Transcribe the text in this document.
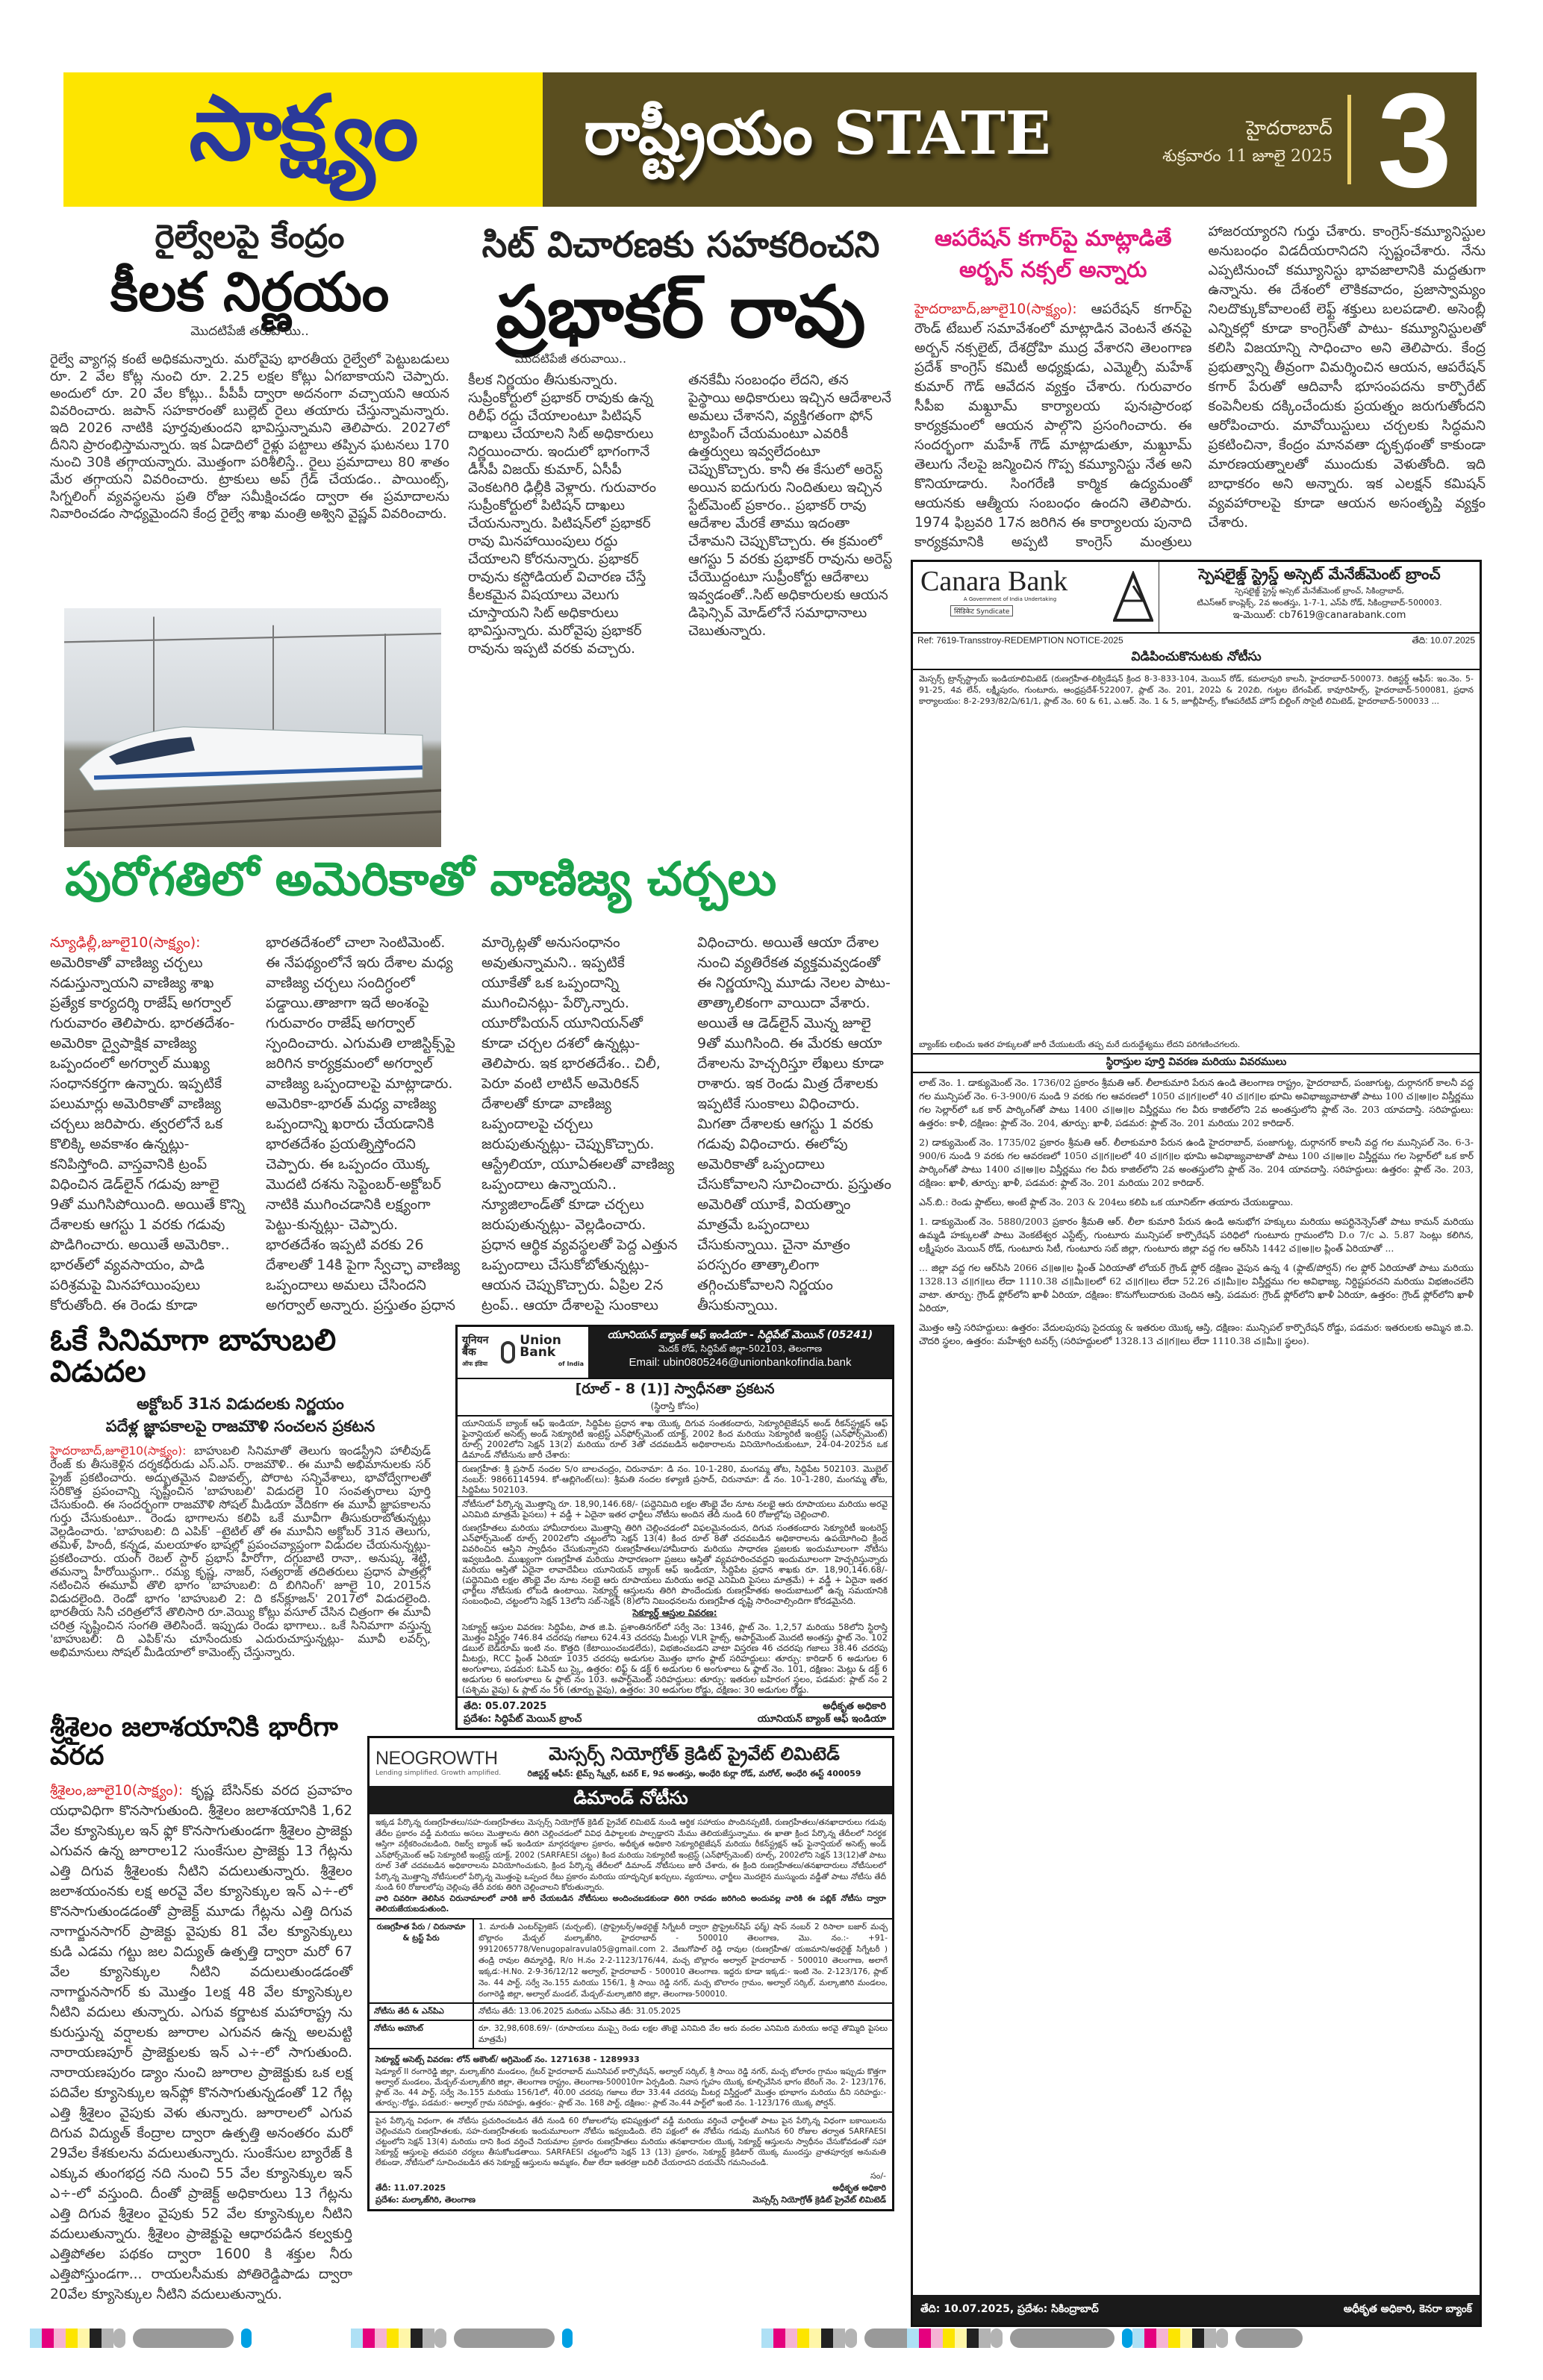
సాక్ష్యం	రాష్ట్రీయం STATE	హైదరాబాద్
శుక్రవారం 11 జూలై 2025 3
రైల్వేలపై కేంద్రం
కీలక నిర్ణయం
మొదటిపేజీ తరువాయి..
రైల్వే వ్యాగన్ల కంటే అధికమన్నారు. మరోవైపు భారతీయ రైల్వేలో పెట్టుబడులు రూ. 2 వేల కోట్ల నుంచి రూ. 2.25 లక్షల కోట్లు ఏగబాకాయని చెప్పారు. అందులో రూ. 20 వేల కోట్లు.. పీపీపీ ద్వారా అదనంగా వచ్చాయని ఆయన వివరించారు. జపాన్ సహకారంతో బుల్లెట్ రైలు తయారు చేస్తున్నామన్నారు. ఇది 2026 నాటికి పూర్తవుతుందని భావిస్తున్నామని తెలిపారు. 2027లో దీనిని ప్రారంభిస్తామన్నారు. ఇక ఏడాదిలో రైళ్లు పట్టాలు తప్పిన ఘటనలు 170 నుంచి 30కి తగ్గాయన్నారు. మొత్తంగా పరిశీలిస్తే.. రైలు ప్రమాదాలు 80 శాతం మేర తగ్గాయని వివరించారు. ట్రాకులు అప్ గ్రేడ్ చేయడం.. పాయింట్స్, సిగ్నలింగ్ వ్యవస్థలను ప్రతి రోజు సమీక్షించడం ద్వారా ఈ ప్రమాదాలను నివారించడం సాధ్యమైందని కేంద్ర రైల్వే శాఖ మంత్రి అశ్విని వైష్ణవ్ వివరించారు.
సిట్ విచారణకు సహకరించని
ప్రభాకర్ రావు
మొదటిపేజీ తరువాయి..
కీలక నిర్ణయం తీసుకున్నారు. సుప్రీంకోర్టులో ప్రభాకర్ రావుకు ఉన్న రిలీఫ్ రద్దు చేయాలంటూ పిటిషన్ దాఖలు చేయాలని సిట్ అధికారులు నిర్ణయించారు. ఇందులో భాగంగానే డీసీపీ విజయ్ కుమార్, ఏసీపీ వెంకటగిరి ఢిల్లీకి వెళ్లారు. గురువారం సుప్రీంకోర్టులో పిటిషన్ దాఖలు చేయనున్నారు. పిటిషన్‌లో ప్రభాకర్ రావు మినహాయింపులు రద్దు చేయాలని కోరనున్నారు. ప్రభాకర్ రావును కస్టోడియల్ విచారణ చేస్తే కీలకమైన విషయాలు వెలుగు చూస్తాయని సిట్ అధికారులు భావిస్తున్నారు. మరోవైపు ప్రభాకర్ రావును ఇప్పటి వరకు వచ్చారు. తనకేమీ సంబంధం లేదని, తన పైస్థాయి అధికారులు ఇచ్చిన ఆదేశాలనే అమలు చేశానని, వ్యక్తిగతంగా ఫోన్ ట్యాపింగ్ చేయమంటూ ఎవరికీ ఉత్తర్వులు ఇవ్వలేదంటూ చెప్పుకొచ్చారు. కానీ ఈ కేసులో అరెస్ట్ అయిన ఐదుగురు నిందితులు ఇచ్చిన స్టేట్‌మెంట్ ప్రకారం.. ప్రభాకర్ రావు ఆదేశాల మేరకే తాము ఇదంతా చేశామని చెప్పుకొచ్చారు. ఈ క్రమంలో ఆగస్టు 5 వరకు ప్రభాకర్ రావును అరెస్ట్ చేయొద్దంటూ సుప్రీంకోర్టు ఆదేశాలు ఇవ్వడంతో..సిట్ అధికారులకు ఆయన డిఫెన్సివ్ మోడ్‌లోనే సమాధానాలు చెబుతున్నారు.
పురోగతిలో అమెరికాతో వాణిజ్య చర్చలు
న్యూఢిల్లీ,జూలై10(సాక్ష్యం): అమెరికాతో వాణిజ్య చర్చలు నడుస్తున్నాయని వాణిజ్య శాఖ ప్రత్యేక కార్యదర్శి రాజేష్ అగర్వాల్ గురువారం తెలిపారు. భారతదేశం-అమెరికా ద్వైపాక్షిక వాణిజ్య ఒప్పందంలో అగర్వాల్ ముఖ్య సంధానకర్తగా ఉన్నారు. ఇప్పటికే పలుమార్లు అమెరికాతో వాణిజ్య చర్చలు జరిపారు. త్వరలోనే ఒక కొలిక్కి అవకాశం ఉన్నట్లు- కనిపిస్తోంది. వాస్తవానికి ట్రంప్ విధించిన డెడ్‌లైన్ గడువు జూలై 9తో ముగిసిపోయింది. అయితే కొన్ని దేశాలకు ఆగస్టు 1 వరకు గడువు పొడిగించారు. అయితే అమెరికా.. భారత్‌లో వ్యవసాయం, పాడి పరిశ్రమపై మినహాయింపులు కోరుతోంది. ఈ రెండు కూడా భారతదేశంలో చాలా సెంటిమెంట్. ఈ నేపథ్యంలోనే ఇరు దేశాల మధ్య వాణిజ్య చర్చలు సందిగ్ధంలో పడ్డాయి.తాజాగా ఇదే అంశంపై గురువారం రాజేష్ అగర్వాల్ స్పందించారు. ఎగుమతి లాజిస్టిక్స్‌పై జరిగిన కార్యక్రమంలో అగర్వాల్ వాణిజ్య ఒప్పందాలపై మాట్లాడారు. అమెరికా-భారత్ మధ్య వాణిజ్య ఒప్పందాన్ని ఖరారు చేయడానికి భారతదేశం ప్రయత్నిస్తోందని చెప్పారు. ఈ ఒప్పందం యొక్క మొదటి దశను సెప్టెంబర్-అక్టోబర్ నాటికి ముగించడానికి లక్ష్యంగా పెట్టు-కున్నట్లు- చెప్పారు. భారతదేశం ఇప్పటి వరకు 26 దేశాలతో 14కి పైగా స్వేచ్ఛా వాణిజ్య ఒప్పందాలు అమలు చేసిందని అగర్వాల్ అన్నారు. ప్రస్తుతం ప్రధాన మార్కెట్లతో అనుసంధానం అవుతున్నామని.. ఇప్పటికే యూకేతో ఒక ఒప్పందాన్ని ముగించినట్లు- పేర్కొన్నారు. యూరోపియన్ యూనియన్‌తో కూడా చర్చల దశలో ఉన్నట్లు- తెలిపారు. ఇక భారతదేశం.. చిలీ, పెరూ వంటి లాటిన్ అమెరికన్ దేశాలతో కూడా వాణిజ్య ఒప్పందాలపై చర్చలు జరుపుతున్నట్లు- చెప్పుకొచ్చారు. ఆస్ట్రేలియా, యూఏఈలతో వాణిజ్య ఒప్పందాలు ఉన్నాయని.. న్యూజిలాండ్‌తో కూడా చర్చలు జరుపుతున్నట్లు- వెల్లడించారు. ప్రధాన ఆర్థిక వ్యవస్థలతో పెద్ద ఎత్తున ఒప్పందాలు చేసుకోబోతున్నట్లు- ఆయన చెప్పుకొచ్చారు. ఏప్రిల 2న ట్రంప్.. ఆయా దేశాలపై సుంకాలు విధించారు. అయితే ఆయా దేశాల నుంచి వ్యతిరేకత వ్యక్తమవ్వడంతో ఈ నిర్ణయాన్ని మూడు నెలల పాటు- తాత్కాలికంగా వాయిదా వేశారు. అయితే ఆ డెడ్‌లైన్ మొన్న జూలై 9తో ముగిసింది. ఈ మేరకు ఆయా దేశాలను హెచ్చరిస్తూ లేఖలు కూడా రాశారు. ఇక రెండు మిత్ర దేశాలకు ఇప్పటికే సుంకాలు విధించారు. మిగతా దేశాలకు ఆగస్టు 1 వరకు గడువు విధించారు. ఈలోపు అమెరికాతో ఒప్పందాలు చేసుకోవాలని సూచించారు. ప్రస్తుతం అమెరితో యూకే, వియత్నాం మాత్రమే ఒప్పందాలు చేసుకున్నాయి. చైనా మాత్రం పరస్పరం తాత్కాలింగా తగ్గించుకోవాలని నిర్ణయం తీసుకున్నాయి.
ఓకే సినిమాగా బాహుబలి విడుదల
అక్టోబర్ 31న విడుదలకు నిర్ణయం
పదేళ్ల జ్ఞాపకాలపై రాజమౌళి సంచలన ప్రకటన
హైదరాబాద్,జూలై10(సాక్ష్యం): బాహుబలి సినిమాతో తెలుగు ఇండస్ట్రీని హాలీవుడ్ రేంజ్ కు తీసుకెళ్లిన దర్శకధీరుడు ఎస్.ఎస్. రాజమౌళి.. ఈ మూవీ అభిమానులకు సర్ ప్రైజ్ ప్రకటించారు. అద్భుతమైన విజువల్స్, పోరాట సన్నివేశాలు, భావోద్వేగాలతో సరికొత్త ప్రపంచాన్ని సృష్టించిన 'బాహుబలి' విడుదలై 10 సంవత్సరాలు పూర్తి చేసుకుంది. ఈ సందర్భంగా రాజమౌళి సోషల్ మీడియా వేదికగా ఈ మూవీ జ్ఞాపకాలను గుర్తు చేసుకుంటూ.. రెండు భాగాలను కలిపి ఒకే మూవీగా తీసుకురాబోతున్నట్లు వెల్లడించారు. 'బాహుబలి: ది ఎపిక్' –టైటిల్ తో ఈ మూవీని అక్టోబర్ 31న తెలుగు, తమిళ్, హిందీ, కన్నడ, మలయాళం భాషల్లో ప్రపంచవ్యాప్తంగా విడుదల చేయనున్నట్లు- ప్రకటించారు. యంగ్ రెబల్ స్టార్ ప్రభాస్ హీరోగా, దగ్గుబాటి రానా,. అనుష్క శెట్టి, తమన్నా హీరోయిన్లుగా.. రమ్య కృష్ణ, నాజర్, సత్యరాజ్ తదితరులు ప్రధాన పాత్రల్లో నటించిన ఈమూవీ తొలి భాగం 'బాహుబలి: ది బిగినింగ్' జూలై 10, 2015న విడుదలైంది. రెండో భాగం 'బాహుబలి 2: ది కన్‌క్లూజన్' 2017లో విడుదలైంది. భారతీయ సినీ చరిత్రలోనే తొలిసారి రూ.వెయ్యి కోట్లు వసూల్ చేసిన చిత్రంగా ఈ మూవీ చరిత్ర సృష్టించిన సంగతి తెలిసిందే. ఇప్పుడు రెండు భాగాలు.. ఒకే సినిమాగా వస్తున్న 'బాహుబలి: ది ఎపిక్'ను చూసేందుకు ఎదురుచూస్తున్నట్లు- మూవీ లవర్స్, అభిమానులు సోషల్ మీడియాలో కామెంట్స్ చేస్తున్నారు.
శ్రీశైలం జలాశయానికి భారీగా వరద
శ్రీశైలం,జూలై10(సాక్ష్యం): కృష్ణ బేసిన్‌కు వరద ప్రవాహం యధావిధిగా కొనసాగుతుంది. శ్రీశైలం జలాశయానికి 1,62 వేల క్యూసెక్కుల ఇన్ ఫ్లో కొనసాగుతుండగా శ్రీశైలం ప్రాజెక్టు ఎగువన ఉన్న జూరాల12 సుంకేసుల ప్రాజెక్టు 13 గేట్లను ఎత్తి దిగువ శ్రీశైలంకు నీటిని వదులుతున్నారు. శ్రీశైలం జలాశయంనకు లక్ష అరవై వేల క్యూసెక్కుల ఇన్ ఎ÷-లో కొనసాగుతుండడంతో ప్రాజెక్ట్ మూడు గేట్లను ఎత్తి దిగువ నాగార్జునసాగర్ ప్రాజెక్టు వైపుకు 81 వేల క్యూసెక్కులు కుడి ఎడమ గట్టు జల విద్యుత్ ఉత్పత్తి ద్వారా మరో 67 వేల క్యూసెక్కుల నీటిని వదులుతుండడంతో నాగార్జునసాగర్ కు మొత్తం 1లక్ష 48 వేల క్యూసెక్కుల నీటిని వదులు తున్నారు. ఎగువ కర్ణాటక మహారాష్ట్ర ను కురుస్తున్న వర్షాలకు జూరాల ఎగువన ఉన్న అలమట్టి నారాయణపూర్ ప్రాజెక్టులకు ఇన్ ఎ÷-లో సాగుతుంది. నారాయణపురం డ్యాం నుంచి జూరాల ప్రాజెక్టుకు ఒక లక్ష పదివేల క్యూసెక్కుల ఇన్‌ఫ్లో కొనసాగుతున్నడంతో 12 గేట్ల ఎత్తి శ్రీశైలం వైపుకు వెళు తున్నారు. జూరాలలో ఎగువ దిగువ విద్యుత్ కేంద్రాల ద్వారా ఉత్పత్తి అనంతరం మరో 29వేల కేశకులను వదులుతున్నారు. సుంకేసుల బ్యారేజ్ కి ఎక్కువ తుంగభద్ర నది నుంచి 55 వేల క్యూసెక్కుల ఇన్ ఎ÷-లో వస్తుంది. దీంతో ప్రాజెక్ట్ అధికారులు 13 గేట్లను ఎత్తి దిగువ శ్రీశైలం వైపుకు 52 వేల క్యూసెక్కుల నీటిని వదులుతున్నారు. శ్రీశైలం ప్రాజెక్టుపై ఆధారపడిన కల్వకుర్తి ఎత్తిపోతల పథకం ద్వారా 1600 కి శక్తుల నీరు ఎత్తిపోస్తుండగా... రాయలసీమకు పోతిరెడ్డిపాడు ద్వారా 20వేల క్యూసెక్కుల నీటిని వదులుతున్నారు.
ఆపరేషన్ కగార్‌పై మాట్లాడితే
అర్బన్ నక్సల్ అన్నారు
హైదరాబాద్,జూలై10(సాక్ష్యం): ఆపరేషన్ కగార్‌పై రౌండ్ టేబుల్ సమావేశంలో మాట్లాడిన వెంటనే తనపై అర్బన్ నక్సలైట్, దేశద్రోహి ముద్ర వేశారని తెలంగాణ ప్రదేశ్ కాంగ్రెస్ కమిటీ అధ్యక్షుడు, ఎమ్మెల్సీ మహేశ్ కుమార్ గౌడ్ ఆవేదన వ్యక్తం చేశారు. గురువారం సీపీఐ మఖ్దూమ్ కార్యాలయ పునఃప్రారంభ కార్యక్రమంలో ఆయన పాల్గొని ప్రసంగించారు. ఈ సందర్భంగా మహేశ్ గౌడ్ మాట్లాడుతూ, మఖ్దూమ్ తెలుగు నేలపై జన్మించిన గొప్ప కమ్యూనిస్టు నేత అని కొనియాడారు. సింగరేణి కార్మిక ఉద్యమంతో ఆయనకు ఆత్మీయ సంబంధం ఉందని తెలిపారు. 1974 ఫిబ్రవరి 17న జరిగిన ఈ కార్యాలయ పునాది కార్యక్రమానికి అప్పటి కాంగ్రెస్ మంత్రులు హాజరయ్యారని గుర్తు చేశారు. కాంగ్రెస్-కమ్యూనిస్టుల అనుబంధం విడదీయరానిదని స్పష్టంచేశారు. నేను ఎప్పటినుంచో కమ్యూనిస్టు భావజాలానికి మద్దతుగా ఉన్నాను. ఈ దేశంలో లౌకికవాదం, ప్రజాస్వామ్యం నిలదొక్కుకోవాలంటే లెఫ్ట్ శక్తులు బలపడాలి. అసెంబ్లీ ఎన్నికల్లో కూడా కాంగ్రెస్‌తో పాటు- కమ్యూనిస్టులతో కలిసి విజయాన్ని సాధించాం అని తెలిపారు. కేంద్ర ప్రభుత్వాన్ని తీవ్రంగా విమర్శించిన ఆయన, ఆపరేషన్ కగార్ పేరుతో ఆదివాసీ భూసంపదను కార్పొరేట్ కంపెనీలకు దక్కించేందుకు ప్రయత్నం జరుగుతోందని ఆరోపించారు. మావోయిస్టులు చర్చలకు సిద్ధమని ప్రకటించినా, కేంద్రం మానవతా దృక్పథంతో కాకుండా మారణయత్నాలతో ముందుకు వెళుతోంది. ఇది బాధాకరం అని అన్నారు. ఇక ఎలక్షన్ కమిషన్ వ్యవహారాలపై కూడా ఆయన అసంతృప్తి వ్యక్తం చేశారు.
यूनियन बैंक
ऑफ इंडिया
Union Bank
of India
యూనియన్ బ్యాంక్ ఆఫ్ ఇండియా - సిద్ధిపేట్ మెయిన్ (05241)
మెదక్ రోడ్, సిద్ధిపేట్ జిల్లా-502103, తెలంగాణ
Email: ubin0805246@unionbankofindia.bank
[రూల్ - 8 (1)] స్వాధీనతా ప్రకటన
(స్థిరాస్తి కోసం)
యూనియన్ బ్యాంక్ ఆఫ్ ఇండియా, సిద్ధిపేట ప్రధాన శాఖ యొక్క దిగువ సంతకందారు, సెక్యూరిటైజేషన్ అండ్ రీకన్‌స్ట్రక్షన్ ఆఫ్ ఫైనాన్షియల్ అసెట్స్ అండ్ సెక్యూరిటీ ఇంట్రెస్ట్ ఎన్‌ఫోర్స్‌మెంట్ యాక్ట్, 2002 కింద మరియు సెక్యూరిటీ ఇంట్రెస్ట్ (ఎన్‌ఫోర్స్‌మెంట్) రూల్స్ 2002లోని సెక్షన్ 13(2) మరియు రూల్ 3తో చదవబడిన అధికారాలను వినియోగించుకుంటూ, 24-04-2025న ఒక డిమాండ్ నోటీసును జారీ చేశారు:
రుణగ్రహీత: శ్రీ ప్రసాద్ నందల S/o బాలచంద్రం, చిరునామా: డి నం. 10-1-280, మంగమ్మ తోట, సిద్దిపేట 502103. మొబైల్ నంబర్: 9866114594. కో-ఆబ్లిగెంట్(లు): శ్రీమతి నందల కళ్యాణి ప్రసాద్, చిరునామా: డి నం. 10-1-280, మంగమ్మ తోట, సిద్దిపేటు 502103.
నోటీసులో పేర్కొన్న మొత్తాన్ని రూ. 18,90,146.68/- (పద్దెనిమిది లక్షల తొంభై వేల నూట నలభై ఆరు రూపాయలు మరియు అరవై ఎనిమిది మాత్రమే పైసలు) + వడ్డీ + ఏదైనా ఇతర ఛార్జీలు నోటీసు అందిన తేదీ నుండి 60 రోజుల్లోపు చెల్లించాలి.
రుణగ్రహీతలు మరియు హామీదారులు మొత్తాన్ని తిరిగి చెల్లించడంలో విఫలమైనందున, దిగువ సంతకందారు సెక్యూరిటీ ఇంటరెస్ట్ ఎన్‌ఫోర్స్‌మెంట్ రూల్స్ 2002లోని చట్టంలోని సెక్షన్ 13(4) కింద రూల్ 8తో చదవబడిన అధికారాలను ఉపయోగించి క్రింద వివరించిన ఆస్తిని స్వాధీనం చేసుకున్నారని రుణగ్రహీతలు/హామీదారు మరియు సాధారణ ప్రజలకు ఇందుమూలంగా నోటీసు ఇవ్వబడింది. ముఖ్యంగా రుణగ్రహీత మరియు సాధారణంగా ప్రజలు ఆస్తితో వ్యవహరించవద్దని ఇందుమూలంగా హెచ్చరిస్తున్నారు మరియు ఆస్తితో ఏదైనా లావాదేవీలు యూనియన్ బ్యాంక్ ఆఫ్ ఇండియా, సిద్దిపేట ప్రధాన శాఖకు రూ. 18,90,146.68/- (పద్దెనిమిది లక్షల తొంభై వేల నూట నలభై ఆరు రూపాయలు మరియు అరవై ఎనిమిది పైసలు మాత్రమే) + వడ్డీ + ఏదైనా ఇతర ఛార్జీలు నోటీసుకు లోబడి ఉంటాయి. సెక్యూర్డ్ ఆస్తులను తిరిగి పొందేందుకు రుణగ్రహీతకు అందుబాటులో ఉన్న సమయానికి సంబంధించి, చట్టంలోని సెక్షన్ 13లోని సబ్-సెక్షన్ (8)లోని నిబంధనలను రుణగ్రహీత దృష్టి సారించాల్సిందిగా కోరడమైనది.
సెక్యూర్డ్ ఆస్తుల వివరణ:
సెక్యూర్డ్ ఆస్తుల వివరణ: సిద్దిపేట, పాత జి.పి. ప్రశాంతినగర్‌లో సర్వే నెం: 1346, ప్లాట్ నెం. 1,2,57 మరియు 58లోని స్థిరాస్తి మొత్తం విస్తీర్ణం 746.84 చదరపు గజాలు 624.43 చదరపు మీటర్లు VLR హైట్స్, అపార్ట్‌మెంట్ మొదటి అంతస్తు ఫ్లాట్ నెం. 102 డబుల్ బెడ్‌రూమ్ ఇంటి నం. కొత్తది (కేటాయించబడలేదు), విభజించబడని వాటా విస్తరణ 46 చదరపు గజాలు 38.46 చదరపు మీటర్లు, RCC ప్లింత్ ఏరియా 1035 చదరపు అడుగుల మొత్తం భాగం ఫ్లాట్ సరిహద్దులు: తూర్పు: కారిడార్ 6 అడుగుల 6 అంగుళాలు, పడమర: ఓపెన్ టు స్కై, ఉత్తరం: లిఫ్ట్ & డక్ట్ 6 అడుగుల 6 అంగుళాలు & ఫ్లాట్ నెం. 101, దక్షిణం: మెట్లు & డక్ట్ 6 అడుగుల 6 అంగుళాలు & ఫ్లాట్ నం 103. అపార్ట్‌మెంట్ సరిహద్దులు: తూర్పు: ఇతరుల బహిరంగ స్థలం, పడమర: ప్లాట్ నం 2 (పశ్చిమ వైపు) & ప్లాట్ నం 56 (తూర్పు వైపు), ఉత్తరం: 30 అడుగుల రోడ్డు, దక్షిణం: 30 అడుగుల రోడ్డు.
తేది: 05.07.2025
ప్రదేశం: సిద్ధిపేట్ మెయిన్ బ్రాంచ్
అధీకృత అధికారి
యూనియన్ బ్యాంక్ ఆఫ్ ఇండియా
NEOGROWTH
Lending simplified. Growth amplified.
మెస్సర్స్ నియోగ్రోత్ క్రెడిట్ ప్రైవేట్ లిమిటెడ్
రిజిస్టర్డ్ ఆఫీస్: టైమ్స్ స్క్వేర్, టవర్ E, 9వ అంతస్తు, అంధేరి కుర్లా రోడ్, మరోల్, అంధేరి ఈస్ట్ 400059
డిమాండ్ నోటీసు
ఇక్కడ పేర్కొన్న రుణగ్రహీతలు/సహ-రుణగ్రహీతలు మెస్సర్స్ నియోగ్రోత్ క్రెడిట్ ప్రైవేట్ లిమిటెడ్ నుండి ఆర్థిక సహాయం పొందినప్పటికీ, రుణగ్రహీతలు/తనఖాదారులు గడువు తేదీల ప్రకారం వడ్డీ మరియు అసలు మొత్తాలను తిరిగి చెల్లించడంలో వివిధ డిఫాల్టలకు పాల్పడ్డారని మేము తెలియజేస్తున్నాము. ఈ ఖాతా క్రింద పేర్కొన్న తేదీలలో నిరర్థక ఆస్తిగా వర్గీకరించబడింది, రిజర్వ్ బ్యాంక్ ఆఫ్ ఇండియా మార్గదర్శకాల ప్రకారం, అధీకృత అధికారి సెక్యూరిటైజేషన్ మరియు రీకన్‌స్ట్రక్షన్ ఆఫ్ ఫైనాన్షియల్ అసెట్స్ అండ్ ఎన్‌ఫోర్స్‌మెంట్ ఆఫ్ సెక్యూరిటీ ఇంట్రెస్ట్ యాక్ట్, 2002 (SARFAESI చట్టం) కింద మరియు సెక్యూరిటీ ఇంట్రెస్ట్ (ఎన్‌ఫోర్స్‌మెంట్) రూల్స్, 2002లోని సెక్షన్ 13(12)తో పాటు రూల్ 3తో చదవబడిన అధికారాలను వినియోగించుకుని, క్రింద పేర్కొన్న తేదీలలో డిమాండ్ నోటీసులు జారీ చేశారు, ఈ క్రింది రుణగ్రహీతలు/తనఖాదారులు నోటీసులలో పేర్కొన్న మొత్తాన్ని నోటీసులలో పేర్కొన్న మొత్తంపై ఒప్పంద రేటు ప్రకారం మరియు యాదృచ్ఛిక ఖర్చులు, వ్యయాలు, ఛార్జీలు మొదలైన ముస్ముందు వడ్డీతో పాటు నోటీసు తేదీ నుండి 60 రోజులలోపు చెల్లింపు తేదీ వరకు తిరిగి చెల్లించాలని కోరుతున్నారు.
వారి చివరిగా తెలిసిన చిరునామాలలో వారికి జారీ చేయబడిన నోటీసులు అందించబడకుండా తిరిగి రావడం జరిగింది అందువల్ల వారికి ఈ పబ్లిక్ నోటీసు ద్వారా తెలియజేయబడుతుంది.
రుణగ్రహీత పేరు / చిరునామా & ట్రస్ట్ పేరు
1. మారుతీ ఎంటర్‌ప్రైజెస్ (మర్చంట్), (ప్రొప్రైటర్స్/అథరైజ్డ్ సిగ్నేటరీ ద్వారా ప్రొప్రైటర్‌షిప్ ఫర్మ్) షాప్ నంబర్ 2 రిసాలా బజార్ మచ్చ బొల్లారం మేడ్చల్ మల్కాజ్‌గిరి, హైదరాబాద్ - 500010 తెలంగాణ, మొ. నం.:- +91-9912065778/Venugopalravula05@gmail.com 2. వేణుగోపాల్ రెడ్డి రావుల (రుణగ్రహీత/ యజమాని/అథరైజ్డ్ సిగ్నేటరీ ) తండ్రి రావుల తిమ్మారెడ్డి, R/o H.నం 2-2-1123/176/44, మచ్చ బొల్లారం అల్వాల్ హైదరాబాద్ - 500010 తెలంగాణ, అలాగే ఇక్కడ:-H.No. 2-9-36/12/12 అల్వాల్, హైదరాబాద్ - 500010 తెలంగాణ. ఇద్దరు కూడా ఇక్కడ:- ఇంటి నెం. 2-123/176, ప్లాట్ నెం. 44 పార్ట్, సర్వే నెం.155 మరియు 156/1, శ్రీ సాయి రెడ్డి నగర్, మచ్చ బొలారం గ్రామం, అల్వాల్ సర్కిల్, మల్కాజిగిరి మండలం, రంగారెడ్డి జిల్లా, అల్వాల్ మండల్, మేడ్చల్-మల్కాజిగిరి జిల్లా, తెలంగాణ-500010.
నోటీసు తేదీ & ఎన్‌పిఎ	నోటీసు తేదీ: 13.06.2025 మరియు ఎన్‌పిఎ తేదీ: 31.05.2025
నోటీసు అమౌంట్	రూ. 32,98,608.69/- (రూపాయలు ముప్పై రెండు లక్షల తొంభై ఎనిమిది వేల ఆరు వందల ఎనిమిది మరియు అరవై తొమ్మిది పైసలు మాత్రమే)
సెక్యూర్డ్ అసెట్స్ వివరణ: లోన్ అకౌంట్/ అగ్రిమెంట్ నం. 1271638 - 1289933
షెడ్యూల్ II రంగారెడ్డి జిల్లా, మల్కాజ్‌గిరి మండలం, గ్రేటర్ హైదరాబాద్ మునిసిపల్ కార్పొరేషన్, అల్వాల్ సర్కిల్, శ్రీ సాయి రెడ్డి నగర్, మచ్చ బోలారం గ్రామం ఇప్పుడు కొత్తగా అల్వాల్ మండలం, మేడ్చల్-మల్కాజ్‌గిరి జిల్లా, తెలంగాణ రాష్ట్రం, తెలంగాణ-500010గా ఏర్పడింది. నివాస గృహం యొక్క కూల్చివేసిన భాగం బేరింగ్ నెం. 2- 123/176, ప్లాట్ నెం. 44 పార్ట్, సర్వే నెం.155 మరియు 156/1లో, 40.00 చదరపు గజాలు లేదా 33.44 చదరపు మీటర్ల విస్తీర్ణంలో మొత్తం భూభాగం మరియు దీని సరిహద్దు:- తూర్పు:-రోడ్డు, పడమర:- అల్వాల్ గ్రామ సరిహద్దు, ఉత్తరం:- ప్లాట్ నెం. 168 పార్ట్, దక్షిణం:- ప్లాట్ నెం.44 పార్ట్‌లో ఇంటి నం. 1-123/176 యొక్క పోర్షన్.
పైన పేర్కొన్న విధంగా, ఈ నోటీసు ప్రచురించబడిన తేదీ నుండి 60 రోజులలోపు భవిష్యత్తులో వడ్డీ మరియు వర్తించే ఛార్జీలతో పాటు పైన పేర్కొన్న విధంగా బకాయిలను చెల్లించమని రుణగ్రహీతలకు, సహ-రుణగ్రహీతలకు ఇందుమూలంగా నోటీసు ఇవ్వబడింది. లేని పక్షంలో ఈ నోటీసు గడువు ముగిసిన 60 రోజుల తర్వాత SARFAESI చట్టంలోని సెక్షన్ 13(4) మరియు దాని కింద వర్తించే నియమాల ప్రకారం రుణగ్రహీతలు మరియు తనఖాదారుల యొక్క సెక్యూర్డ్ ఆస్తులను స్వాధీనం చేసుకోవడంతో సహా సెక్యూర్డ్ ఆస్తులపై తదుపరి చర్యలు తీసుకోబడతాయి. SARFAESI చట్టంలోని సెక్షన్ 13 (13) ప్రకారం, సెక్యూర్డ్ క్రెడిటార్ యొక్క ముందస్తు వ్రాతపూర్వక అనుమతి లేకుండా, నోటీసులో సూచించబడిన తన సెక్యూర్డ్ ఆస్తులను అమ్మకం, లీజు లేదా ఇతరత్రా బదిలీ చేయరాదని దయచేసి గమనించండి.
సం/-
తేదీ: 11.07.2025
ప్రదేశం: మల్కాజ్‌గిరి, తెలంగాణ
అధీకృత అధికారి
మెస్సర్స్ నియోగ్రోత్ క్రెడిట్ ప్రైవేట్ లిమిటెడ్
Canara Bank
A Government of India Undertaking
सिंडिकेट Syndicate
స్పెషలైజ్డ్ స్ట్రెస్డ్ అస్సెట్ మేనేజ్‌మెంట్ బ్రాంచ్
స్పెషలైజ్డ్ స్ట్రెస్డ్ అస్సెట్ మేనేజ్‌మెంట్ బ్రాంచ్, సికింద్రాబాద్,
టిఎస్ఆర్ కాంప్లెక్స్, 2వ అంతస్తు, 1-7-1, ఎస్‌పి రోడ్, సికింద్రాబాద్-500003.
ఇ-మెయిల్: cb7619@canarabank.com
Ref: 7619-Transstroy-REDEMPTION NOTICE-2025	తేది: 10.07.2025
విడిపించుకొనుటకు నోటీసు
మెస్సర్స్ ట్రాన్స్‌స్ట్రాయ్ ఇండియాలిమిటెడ్ (రుణగ్రహీత-లిక్విడేషన్ క్రింద 8-3-833-104, మెయిన్ రోడ్, కమలాపురి కాలనీ, హైదరాబాద్-500073. రిజిస్టర్డ్ ఆఫీస్: ఇం.నెం. 5-91-25, 4వ లేన్, లక్ష్మీపురం, గుంటూరు, ఆంధ్రప్రదేశ్-522007, ప్లాట్ నెం. 201, 202ఏ & 202బి, గుట్టల బేగంపేట్, కావూరిహిల్స్, హైదరాబాద్-500081, ప్రధాన కార్యాలయం: 8-2-293/82/ఏ/61/1, ప్లాట్ నెం. 60 & 61, ఎ.ఆర్. నెం. 1 & 5, జూబ్లీహిల్స్, కోఆపరేటివ్ హౌస్ బిల్డింగ్ సొసైటీ లిమిటెడ్, హైదరాబాద్-500033 ...
బ్యాంక్‌కు లభించు ఇతర హక్కులతో జారీ చేయుటయే తప్ప మరే దురుద్దేశ్యము లేదని పరిగణించగలరు.
స్థిరాస్తుల పూర్తి వివరణ మరియు వివరములు
లాట్ నెం. 1. డాక్యుమెంట్ నెం. 1736/02 ప్రకారం శ్రీమతి ఆర్. లీలాకుమారి పేరున ఉండి తెలంగాణ రాష్ట్రం, హైదరాబాద్, పంజాగుట్ట, దుర్గానగర్ కాలనీ వద్ద గల మున్సిపల్ నెం. 6-3-900/6 నుండి 9 వరకు గల ఆవరణలో 1050 చ॥గ॥లలో 40 చ॥గ॥ల భూమి అవిభాజ్యవాటాతో పాటు 100 చ॥అ॥ల విస్తీర్ణము గల సెల్లార్‌లో ఒక కార్ పార్కింగ్‌తో పాటు 1400 చ॥అ॥ల విస్తీర్ణము గల వీరు కాజిల్‌లోని 2వ అంతస్తులోని ఫ్లాట్ నెం. 203 యావదాస్తి. సరిహద్దులు: ఉత్తరం: కాళీ, దక్షిణం: ఫ్లాట్ నెం. 204, తూర్పు: ఖాళీ, పడమర: ఫ్లాట్ నెం. 201 మరియు 202 కారిడార్.
2) డాక్యుమెంట్ నెం. 1735/02 ప్రకారం శ్రీమతి ఆర్. లీలాకుమారి పేరున ఉండి హైదరాబాద్, పంజాగుట్ట, దుర్గానగర్ కాలనీ వద్ద గల మున్సిపల్ నెం. 6-3-900/6 నుండి 9 వరకు గల ఆవరణలో 1050 చ॥గ॥లలో 40 చ॥గ॥ల భూమి అవిభాజ్యవాటాతో పాటు 100 చ॥అ॥ల విస్తీర్ణము గల సెల్లార్‌లో ఒక కార్ పార్కింగ్‌తో పాటు 1400 చ॥అ॥ల విస్తీర్ణము గల వీరు కాజిల్‌లోని 2వ అంతస్తులోని ఫ్లాట్ నెం. 204 యావదాస్తి. సరిహద్దులు: ఉత్తరం: ఫ్లాట్ నెం. 203, దక్షిణం: ఖాళీ, తూర్పు: ఖాళీ, పడమర: ఫ్లాట్ నెం. 201 మరియు 202 కారిడార్.
ఎన్.బి.: రెండు ఫ్లాట్‌లు, అంటే ఫ్లాట్ నెం. 203 & 204లు కలిపి ఒక యూనిట్‌గా తయారు చేయబడ్డాయి.
1. డాక్యుమెంట్ నెం. 5880/2003 ప్రకారం శ్రీమతి ఆర్. లీలా కుమారి పేరున ఉండి అనుభోగ హక్కులు మరియు అపర్టినెన్సెస్‌తో పాటు కామన్ మరియు ఉమ్మడి హక్కులతో పాటు వెంకటేశ్వర ఎస్టేట్స్, గుంటూరు మున్సిపల్ కార్పొరేషన్ పరిధిలో గుంటూరు గ్రామంలోని D.o 7/c ఎ. 5.87 సెంట్లు కలిగిన, లక్ష్మీపురం మెయిన్ రోడ్, గుంటూరు సిటీ, గుంటూరు సబ్ జిల్లా, గుంటూరు జిల్లా వద్ద గల ఆర్‌సిసి 1442 చ॥అ॥ల ప్లింత్ ఏరియాతో ...
... జిల్లా వద్ద గల ఆర్‌సిసి 2066 చ॥అ॥ల ప్లింత్ ఏరియాతో లోయర్ గ్రౌండ్ ఫ్లోర్ దక్షిణం వైపున ఉన్న 4 (ఫ్లాట్/పోర్షన్) గల ఫ్లోర్ ఏరియాతో పాటు మరియు 1328.13 చ॥గ॥లు లేదా 1110.38 చ॥మీ॥లలో 62 చ॥గ॥లు లేదా 52.26 చ॥మీ॥ల విస్తీర్ణము గల అవిభాజ్య, నిర్దిష్టపరచని మరియు విభజించలేని వాటా. తూర్పు: గ్రౌండ్ ఫ్లోర్‌లోని ఖాళీ ఏరియా, దక్షిణం: కొనుగోలుదారుకు చెందిన ఆస్తి, పడమర: గ్రౌండ్ ఫ్లోర్‌లోని ఖాళీ ఏరియా, ఉత్తరం: గ్రౌండ్ ఫ్లోర్‌లోని ఖాళీ ఏరియా,
మొత్తం ఆస్తి సరిహద్దులు: ఉత్తరం: వేదులపురపు సైదయ్య & ఇతరుల యొక్క ఆస్తి, దక్షిణం: మున్సిపల్ కార్పొరేషన్ రోడ్డు, పడమర: ఇతరులకు అమ్మిన జి.వి. చౌదరి స్థలం, ఉత్తరం: మహేశ్వరి టవర్స్ (సరిహద్దులలో 1328.13 చ॥గ॥లు లేదా 1110.38 చ॥మీ॥ స్థలం).
తేది: 10.07.2025, ప్రదేశం: సికింద్రాబాద్	అధీకృత అధికారి, కెనరా బ్యాంక్
